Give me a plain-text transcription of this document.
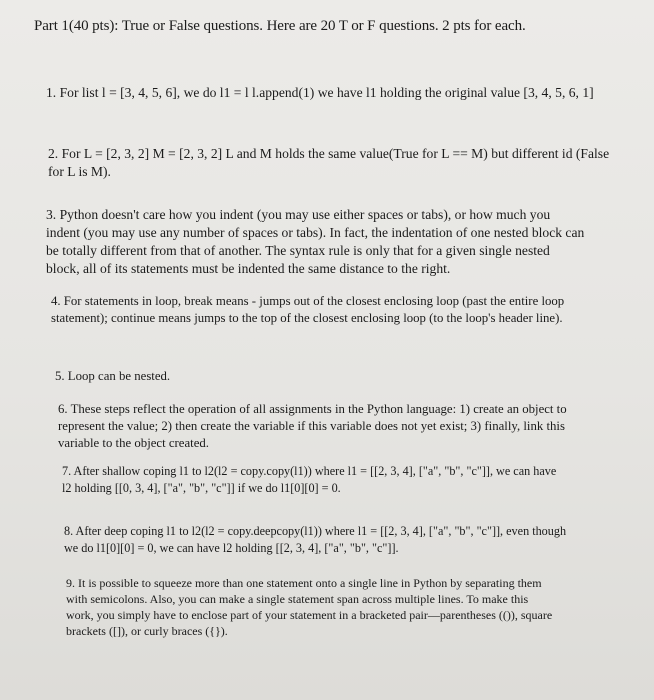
Part 1(40 pts): True or False questions. Here are 20 T or F questions. 2 pts for each.
1. For list l = [3, 4, 5, 6], we do l1 = l l.append(1) we have l1 holding the original value [3, 4, 5, 6, 1]
2. For L = [2, 3, 2] M = [2, 3, 2] L and M holds the same value(True for L == M) but different id (False for L is M).
3. Python doesn't care how you indent (you may use either spaces or tabs), or how much you indent (you may use any number of spaces or tabs). In fact, the indentation of one nested block can be totally different from that of another. The syntax rule is only that for a given single nested block, all of its statements must be indented the same distance to the right.
4. For statements in loop, break means - jumps out of the closest enclosing loop (past the entire loop statement); continue means jumps to the top of the closest enclosing loop (to the loop's header line).
5. Loop can be nested.
6. These steps reflect the operation of all assignments in the Python language: 1) create an object to represent the value; 2) then create the variable if this variable does not yet exist; 3) finally, link this variable to the object created.
7. After shallow coping l1 to l2(l2 = copy.copy(l1)) where l1 = [[2, 3, 4], ["a", "b", "c"]], we can have l2 holding [[0, 3, 4], ["a", "b", "c"]] if we do l1[0][0] = 0.
8. After deep coping l1 to l2(l2 = copy.deepcopy(l1)) where l1 = [[2, 3, 4], ["a", "b", "c"]], even though we do l1[0][0] = 0, we can have l2 holding [[2, 3, 4], ["a", "b", "c"]].
9. It is possible to squeeze more than one statement onto a single line in Python by separating them with semicolons. Also, you can make a single statement span across multiple lines. To make this work, you simply have to enclose part of your statement in a bracketed pair—parentheses (()), square brackets ([]), or curly braces ({}).
